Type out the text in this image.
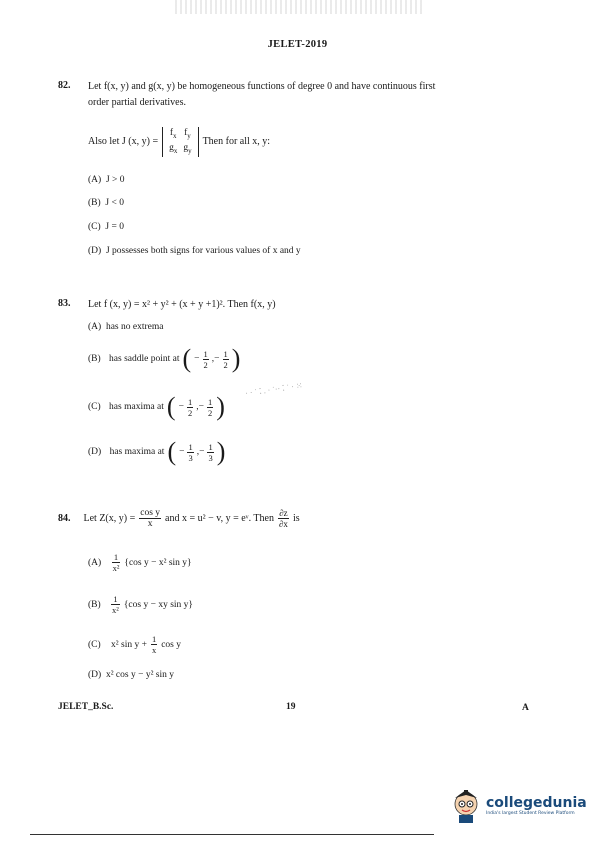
JELET-2019
82. Let f(x, y) and g(x, y) be homogeneous functions of degree 0 and have continuous first
order partial derivatives.
Also let J (x, y) =
$f_x$	$f_y$
$g_x$	$g_y$
Then for all x, y:
(A) J > 0
(B) J < 0
(C) J = 0
(D) J possesses both signs for various values of x and y
83. Let f (x, y) = x² + y² + (x + y +1)². Then f(x, y)
(A) has no extrema
(B)
has saddle point at ( − $\frac{1}{2}$ ,− $\frac{1}{2}$ )
(C)
has maxima at ( − $\frac{1}{2}$ ,− $\frac{1}{2}$ )
(D)
has maxima at ( − $\frac{1}{3}$ ,− $\frac{1}{3}$ )
· · ˙ ⁚ . · ˙·· ⁚ ˙ · ⁙
84.
Let Z(x, $y) = \frac{\text{cos y}}{x}$ and x = u² − v, y = eᵛ. Then $\frac{\partial z}{\partial x}$ is
(A)
$\frac{1}{\text{x²}} \{\cos$ y − x² sin y}
(B)
$\frac{1}{\text{x²}} \{\cos$ y − xy sin y}
(C)
x² $\sin y + \frac{1}{x}$ cos y
(D) x² cos y − y² sin y
JELET_B.Sc.	19	A
collegedunia
India's largest Student Review Platform
